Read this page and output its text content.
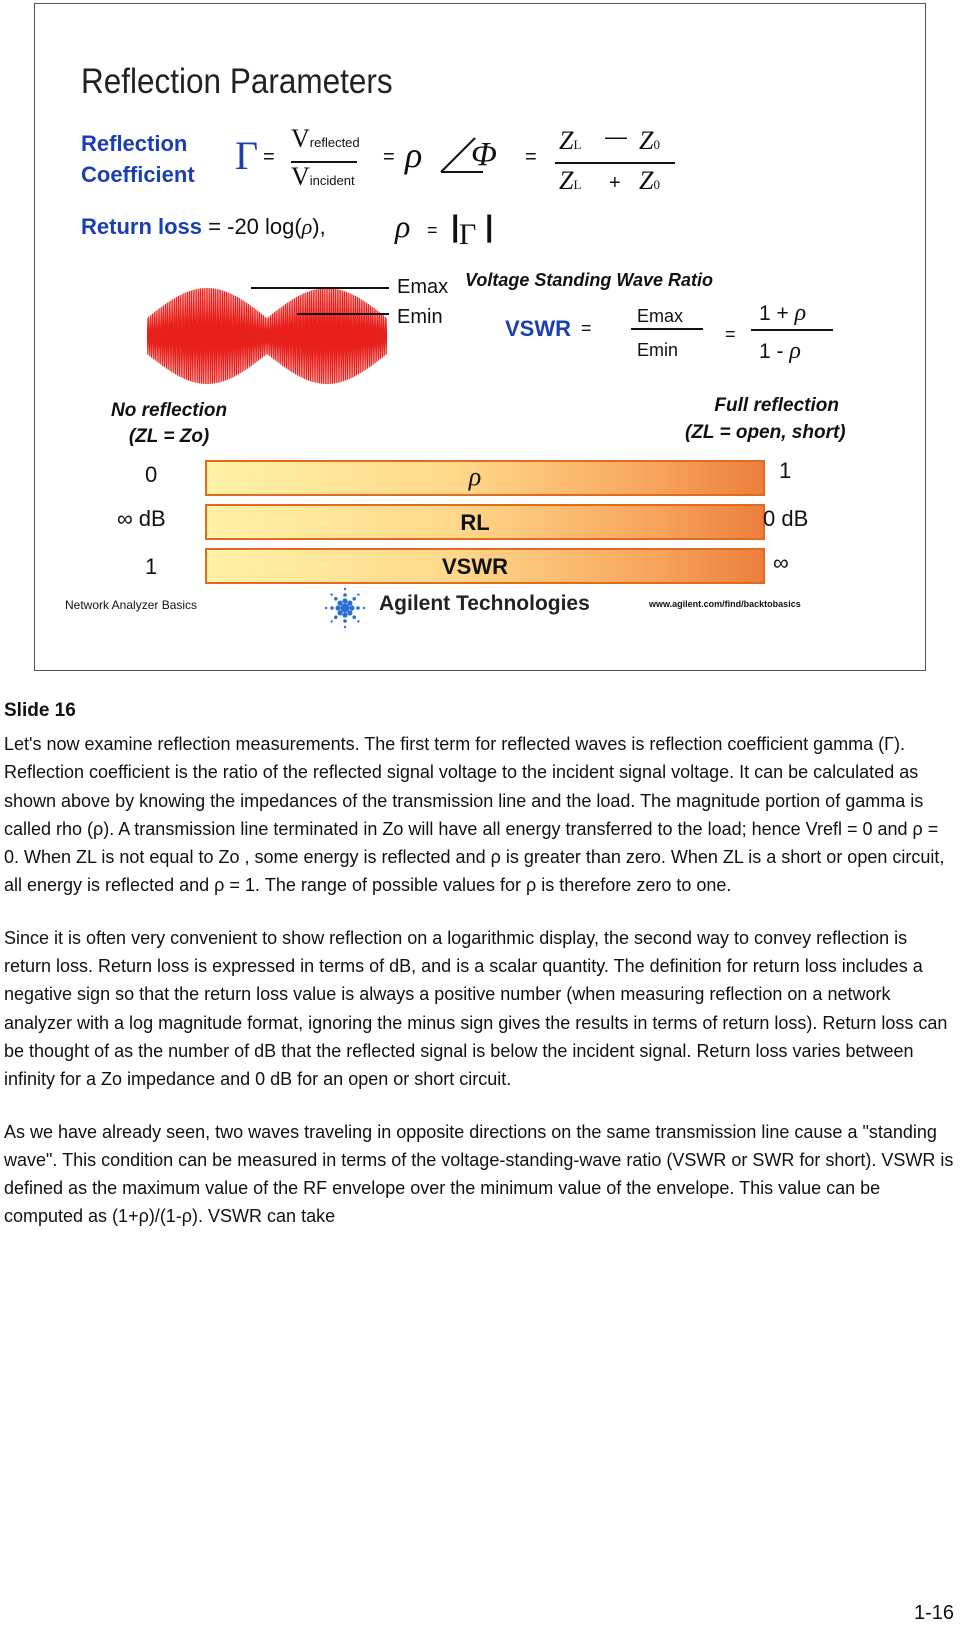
Reflection Parameters
Reflection
Coefficient Γ =
Vreflected
Vincident
= ρ Φ =
ZL — Z0
ZL + Z0
Return loss = -20 log(ρ), ρ = | Γ |
Emax
Emin
Voltage Standing Wave Ratio
VSWR =
Emax
Emin
=
1 + ρ
1 - ρ
No reflection
(ZL = Zo)
Full reflection
(ZL = open, short)
0	ρ	1
∞ dB	RL	0 dB
1	VSWR	∞
Network Analyzer Basics	Agilent Technologies	www.agilent.com/find/backtobasics
Slide 16

Let's now examine reflection measurements. The first term for reflected waves is reflection coefficient gamma (Γ). Reflection coefficient is the ratio of the reflected signal voltage to the incident signal voltage. It can be calculated as shown above by knowing the impedances of the transmission line and the load. The magnitude portion of gamma is called rho (ρ). A transmission line terminated in Zo will have all energy transferred to the load; hence Vrefl = 0 and ρ = 0. When ZL is not equal to Zo , some energy is reflected and ρ is greater than zero. When ZL is a short or open circuit, all energy is reflected and ρ = 1. The range of possible values for ρ is therefore zero to one.

Since it is often very convenient to show reflection on a logarithmic display, the second way to convey reflection is return loss. Return loss is expressed in terms of dB, and is a scalar quantity. The definition for return loss includes a negative sign so that the return loss value is always a positive number (when measuring reflection on a network analyzer with a log magnitude format, ignoring the minus sign gives the results in terms of return loss). Return loss can be thought of as the number of dB that the reflected signal is below the incident signal. Return loss varies between infinity for a Zo impedance and 0 dB for an open or short circuit.

As we have already seen, two waves traveling in opposite directions on the same transmission line cause a "standing wave". This condition can be measured in terms of the voltage-standing-wave ratio (VSWR or SWR for short). VSWR is defined as the maximum value of the RF envelope over the minimum value of the envelope. This value can be computed as (1+ρ)/(1-ρ). VSWR can take

1-16
